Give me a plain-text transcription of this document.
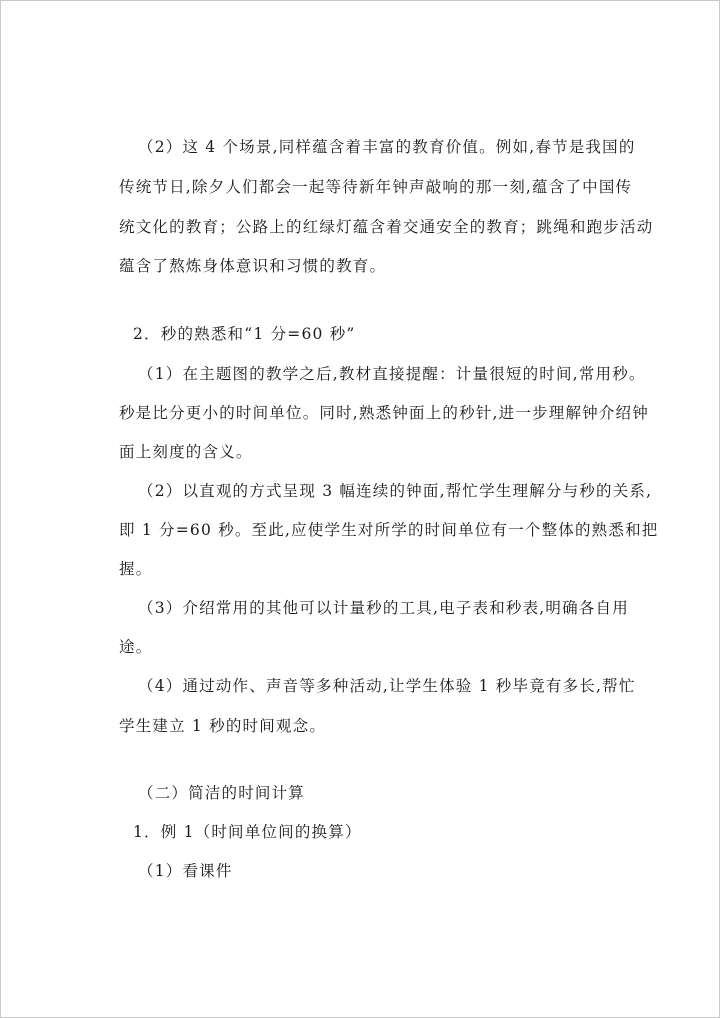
（2）这 4 个场景,同样蕴含着丰富的教育价值。例如,春节是我国的
传统节日,除夕人们都会一起等待新年钟声敲响的那一刻,蕴含了中国传
统文化的教育；公路上的红绿灯蕴含着交通安全的教育；跳绳和跑步活动
蕴含了熬炼身体意识和习惯的教育。
2．秒的熟悉和“1 分=60 秒”
（1）在主题图的教学之后,教材直接提醒：计量很短的时间,常用秒。
秒是比分更小的时间单位。同时,熟悉钟面上的秒针,进一步理解钟介绍钟
面上刻度的含义。
（2）以直观的方式呈现 3 幅连续的钟面,帮忙学生理解分与秒的关系,
即 1 分=60 秒。至此,应使学生对所学的时间单位有一个整体的熟悉和把
握。
（3）介绍常用的其他可以计量秒的工具,电子表和秒表,明确各自用
途。
（4）通过动作、声音等多种活动,让学生体验 1 秒毕竟有多长,帮忙
学生建立 1 秒的时间观念。
（二）简洁的时间计算
1．例 1（时间单位间的换算）
（1）看课件
